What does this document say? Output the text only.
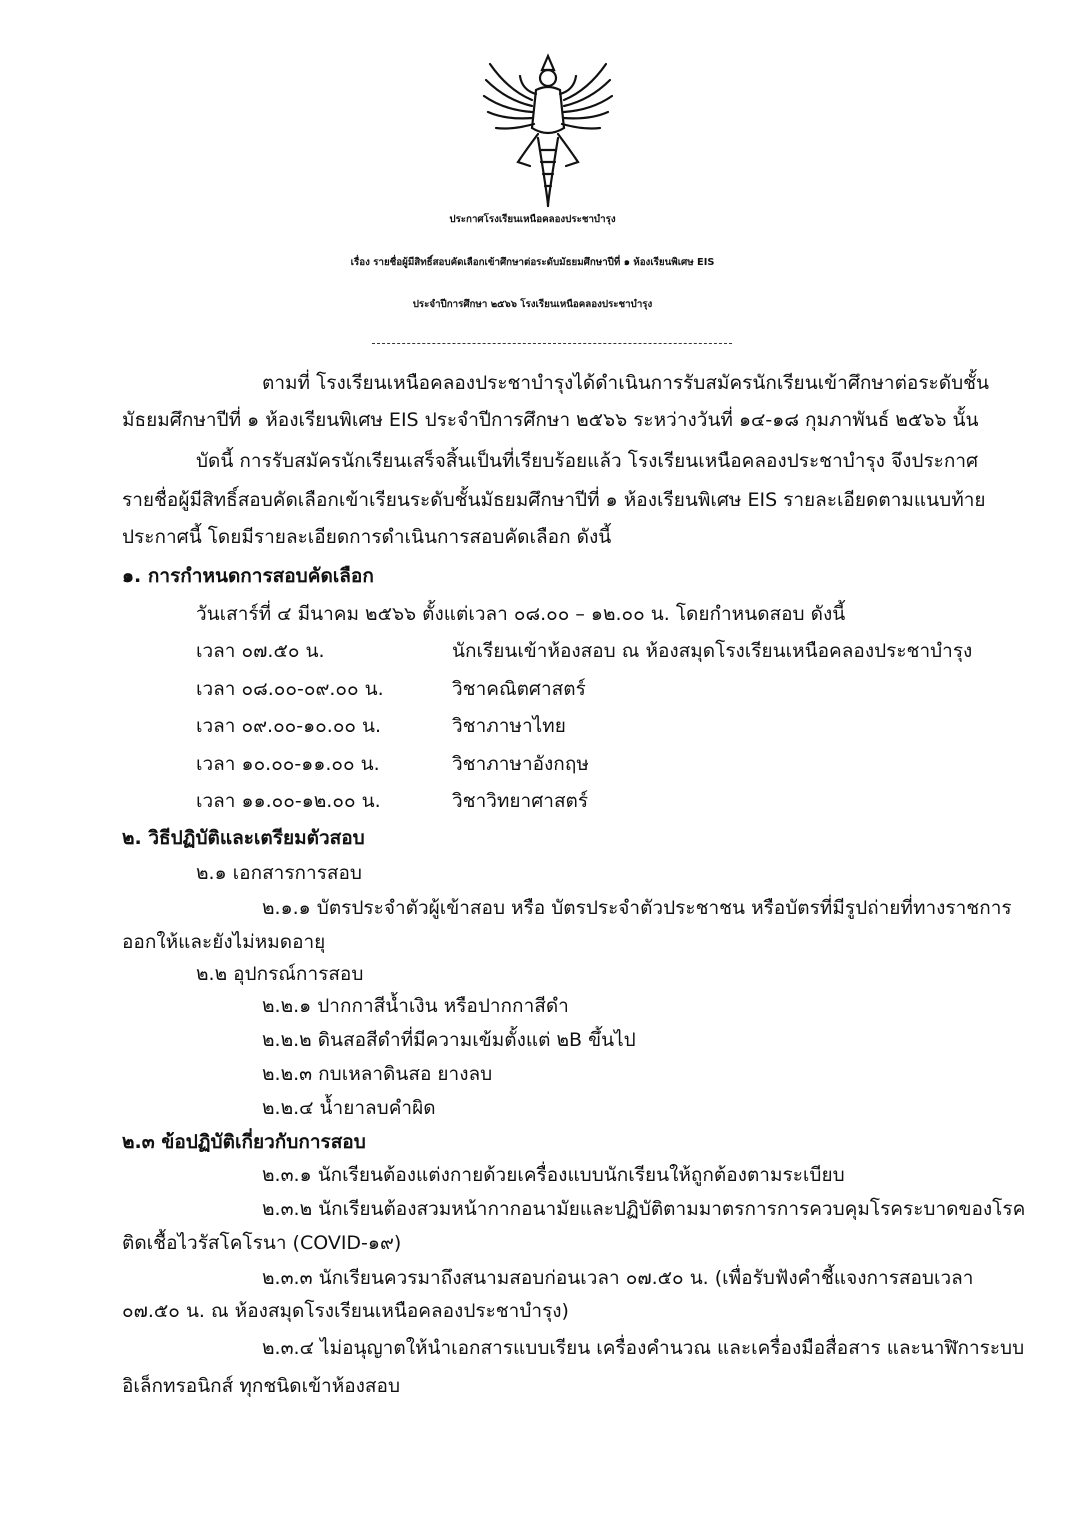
ประกาศโรงเรียนเหนือคลองประชาบำรุง
เรื่อง รายชื่อผู้มีสิทธิ์สอบคัดเลือกเข้าศึกษาต่อระดับมัธยมศึกษาปีที่ ๑ ห้องเรียนพิเศษ EIS
ประจำปีการศึกษา ๒๕๖๖ โรงเรียนเหนือคลองประชาบำรุง
ตามที่ โรงเรียนเหนือคลองประชาบำรุงได้ดำเนินการรับสมัครนักเรียนเข้าศึกษาต่อระดับชั้น
มัธยมศึกษาปีที่ ๑ ห้องเรียนพิเศษ EIS ประจำปีการศึกษา ๒๕๖๖ ระหว่างวันที่ ๑๔-๑๘ กุมภาพันธ์ ๒๕๖๖ นั้น
บัดนี้ การรับสมัครนักเรียนเสร็จสิ้นเป็นที่เรียบร้อยแล้ว โรงเรียนเหนือคลองประชาบำรุง จึงประกาศ
รายชื่อผู้มีสิทธิ์สอบคัดเลือกเข้าเรียนระดับชั้นมัธยมศึกษาปีที่ ๑ ห้องเรียนพิเศษ EIS รายละเอียดตามแนบท้าย
ประกาศนี้ โดยมีรายละเอียดการดำเนินการสอบคัดเลือก ดังนี้
๑. การกำหนดการสอบคัดเลือก
วันเสาร์ที่ ๔ มีนาคม ๒๕๖๖ ตั้งแต่เวลา ๐๘.๐๐ – ๑๒.๐๐ น. โดยกำหนดสอบ ดังนี้
เวลา ๐๗.๕๐ น.	นักเรียนเข้าห้องสอบ ณ ห้องสมุดโรงเรียนเหนือคลองประชาบำรุง
เวลา ๐๘.๐๐-๐๙.๐๐ น.	วิชาคณิตศาสตร์
เวลา ๐๙.๐๐-๑๐.๐๐ น.	วิชาภาษาไทย
เวลา ๑๐.๐๐-๑๑.๐๐ น.	วิชาภาษาอังกฤษ
เวลา ๑๑.๐๐-๑๒.๐๐ น.	วิชาวิทยาศาสตร์
๒. วิธีปฏิบัติและเตรียมตัวสอบ
๒.๑ เอกสารการสอบ
๒.๑.๑ บัตรประจำตัวผู้เข้าสอบ หรือ บัตรประจำตัวประชาชน หรือบัตรที่มีรูปถ่ายที่ทางราชการ
ออกให้และยังไม่หมดอายุ
๒.๒ อุปกรณ์การสอบ
๒.๒.๑ ปากกาสีน้ำเงิน หรือปากกาสีดำ
๒.๒.๒ ดินสอสีดำที่มีความเข้มตั้งแต่ ๒B ขึ้นไป
๒.๒.๓ กบเหลาดินสอ ยางลบ
๒.๒.๔ น้ำยาลบคำผิด
๒.๓ ข้อปฏิบัติเกี่ยวกับการสอบ
๒.๓.๑ นักเรียนต้องแต่งกายด้วยเครื่องแบบนักเรียนให้ถูกต้องตามระเบียบ
๒.๓.๒ นักเรียนต้องสวมหน้ากากอนามัยและปฏิบัติตามมาตรการการควบคุมโรคระบาดของโรค
ติดเชื้อไวรัสโคโรนา (COVID-๑๙)
๒.๓.๓ นักเรียนควรมาถึงสนามสอบก่อนเวลา ๐๗.๕๐ น. (เพื่อรับฟังคำชี้แจงการสอบเวลา
๐๗.๕๐ น. ณ ห้องสมุดโรงเรียนเหนือคลองประชาบำรุง)
๒.๓.๔ ไม่อนุญาตให้นำเอกสารแบบเรียน เครื่องคำนวณ และเครื่องมือสื่อสาร และนาฬิการะบบ
อิเล็กทรอนิกส์ ทุกชนิดเข้าห้องสอบ
